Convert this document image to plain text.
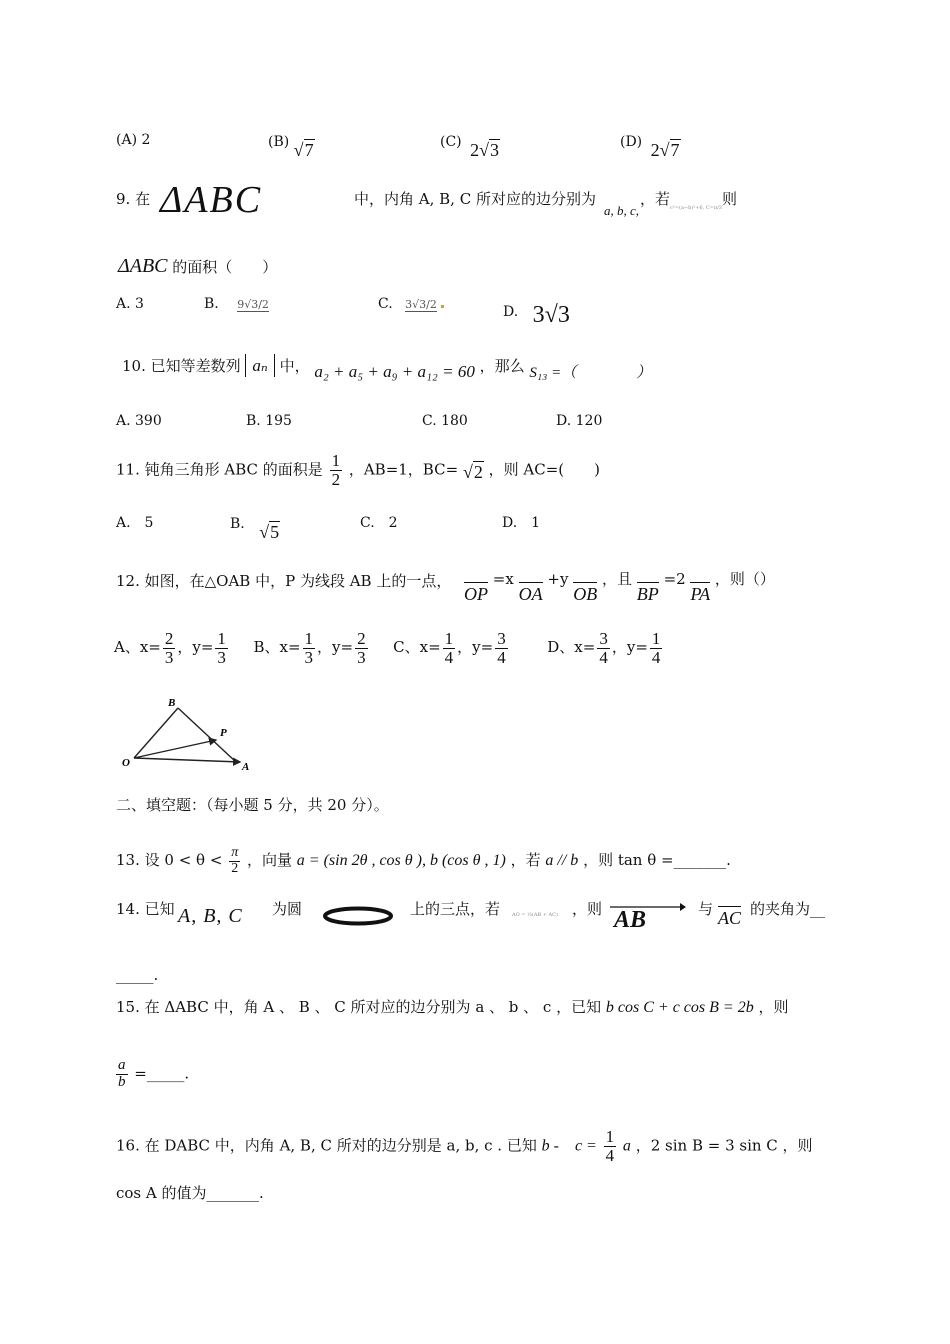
(A) 2	(B) √7	(C) 2√3	(D) 2√7
9. 在 ΔABC	中，内角 A, B, C 所对应的边分别为
a, b, c,
，若 c²=(a−b)²+6, C=π/3 则
ΔABC 的面积（　　）
A. 3	B. 9√3/2	C. 3√3/2	D. 3√3
10. 已知等差数列 aₙ 中， a₂ + a₅ + a₉ + a₁₂ = 60 ，那么 S₁₃ =（　　　　）
A. 390	B. 195	C. 180	D. 120
11. 钝角三角形 ABC 的面积是 $\frac{1}{2}$ ，AB=1，BC= √2 ，则 AC=(　　)
A.　5	B. √5	C.　2	D.　1
12. 如图，在△OAB 中，P 为线段 AB 上的一点，
OP =x OA +y OB ，且 BP =2 PA ，则（）
A、$x= \frac{2}{3}$ ，$y= \frac{1}{3}$ B、$x= \frac{1}{3}$ ，$y= \frac{2}{3}$ C、$x= \frac{1}{4}$ ，$y= \frac{3}{4}$	D、$x= \frac{3}{4}$ ，$y= \frac{1}{4}$
B
P
O	A
二、填空题：（每小题 5 分，共 20 分）。
13. 设 $0 < \theta < \frac{\pi}{2}$ ，向量 a = (sin 2θ , cos θ ), b (cos θ , 1) ，若 a // b ，则 tan θ =_______.
14. 已知 A, B, C 为圆	上的三点，若 AO = ½(AB + AC) ，则 AB	与 AC 的夹角为__
_____.
15. 在 ΔABC 中，角 A 、 B 、 C 所对应的边分别为 a 、 b 、 c ，已知 b cos C + c cos B = 2b ，则
$\frac{a}{b}$ =_____.
16. 在 DABC 中，内角 A, B, C 所对的边分别是 a, b, c . 已知 b -　$c = \frac{1}{4}$ a ，2 sin B = 3 sin C ，则
cos A 的值为_______.
